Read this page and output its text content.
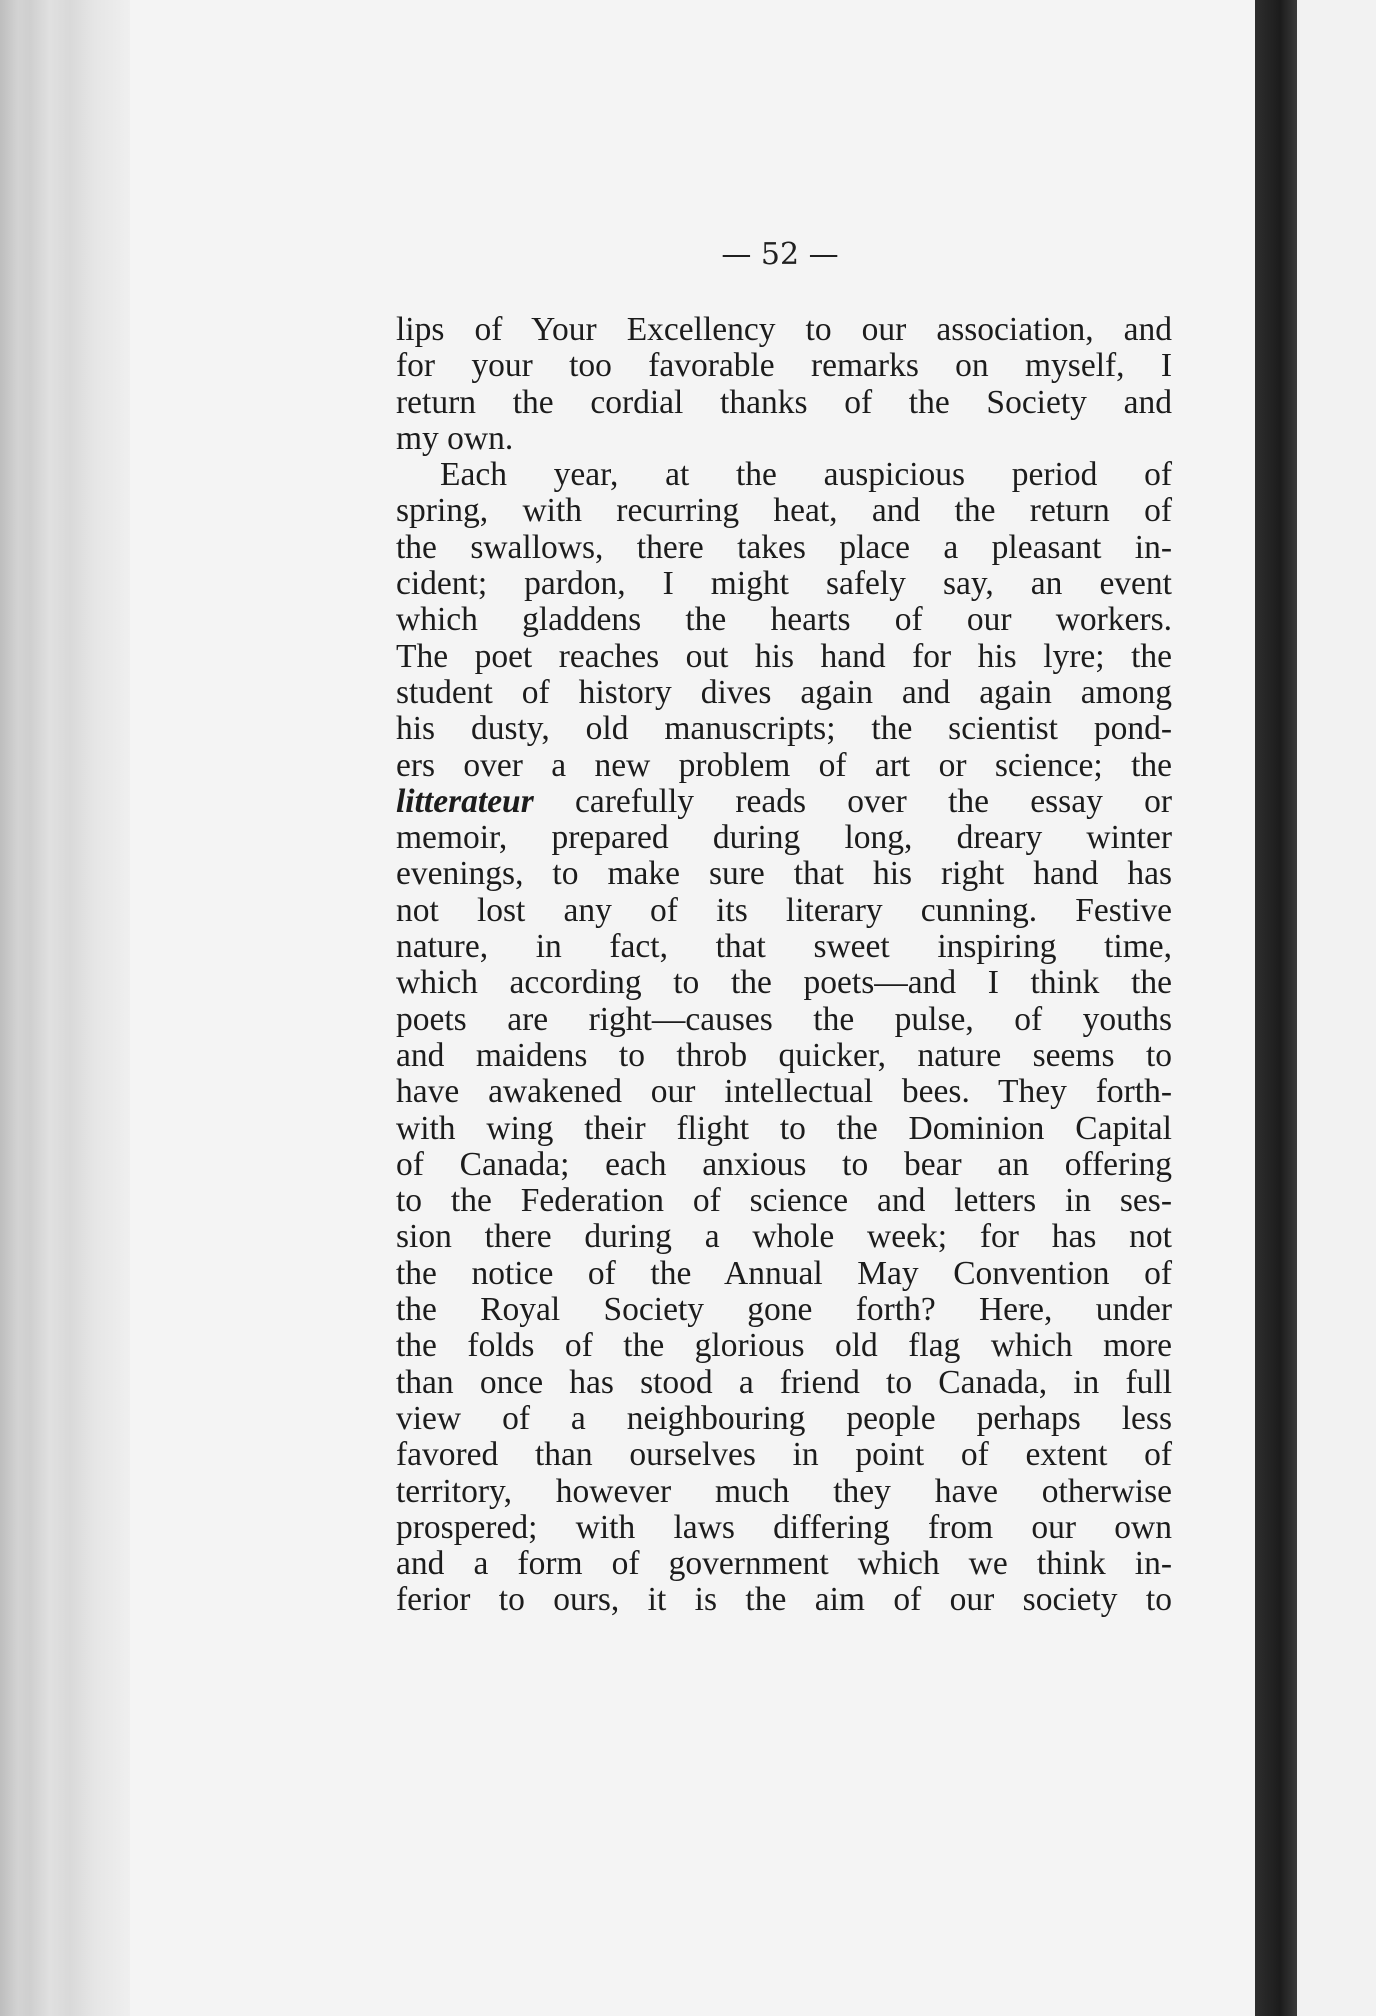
— 52 —

lips of Your Excellency to our association, and
for your too favorable remarks on myself, I
return the cordial thanks of the Society and
my own.
Each year, at the auspicious period of
spring, with recurring heat, and the return of
the swallows, there takes place a pleasant in-
cident; pardon, I might safely say, an event
which gladdens the hearts of our workers.
The poet reaches out his hand for his lyre; the
student of history dives again and again among
his dusty, old manuscripts; the scientist pond-
ers over a new problem of art or science; the
litterateur carefully reads over the essay or
memoir, prepared during long, dreary winter
evenings, to make sure that his right hand has
not lost any of its literary cunning. Festive
nature, in fact, that sweet inspiring time,
which according to the poets—and I think the
poets are right—causes the pulse, of youths
and maidens to throb quicker, nature seems to
have awakened our intellectual bees. They forth-
with wing their flight to the Dominion Capital
of Canada; each anxious to bear an offering
to the Federation of science and letters in ses-
sion there during a whole week; for has not
the notice of the Annual May Convention of
the Royal Society gone forth? Here, under
the folds of the glorious old flag which more
than once has stood a friend to Canada, in full
view of a neighbouring people perhaps less
favored than ourselves in point of extent of
territory, however much they have otherwise
prospered; with laws differing from our own
and a form of government which we think in-
ferior to ours, it is the aim of our society to
